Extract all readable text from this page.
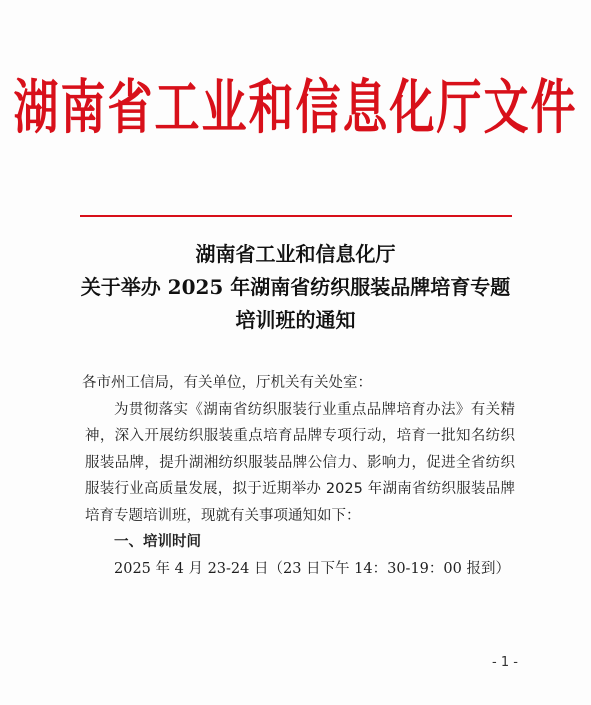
湖南省工业和信息化厅文件
湖南省工业和信息化厅
关于举办 2025 年湖南省纺织服装品牌培育专题
培训班的通知
各市州工信局，有关单位，厅机关有关处室：
为贯彻落实《湖南省纺织服装行业重点品牌培育办法》有关精神，深入开展纺织服装重点培育品牌专项行动，培育一批知名纺织服装品牌，提升湖湘纺织服装品牌公信力、影响力，促进全省纺织服装行业高质量发展，拟于近期举办 2025 年湖南省纺织服装品牌培育专题培训班，现就有关事项通知如下：
一、培训时间
2025 年 4 月 23-24 日（23 日下午 14：30-19：00 报到）
- 1 -
